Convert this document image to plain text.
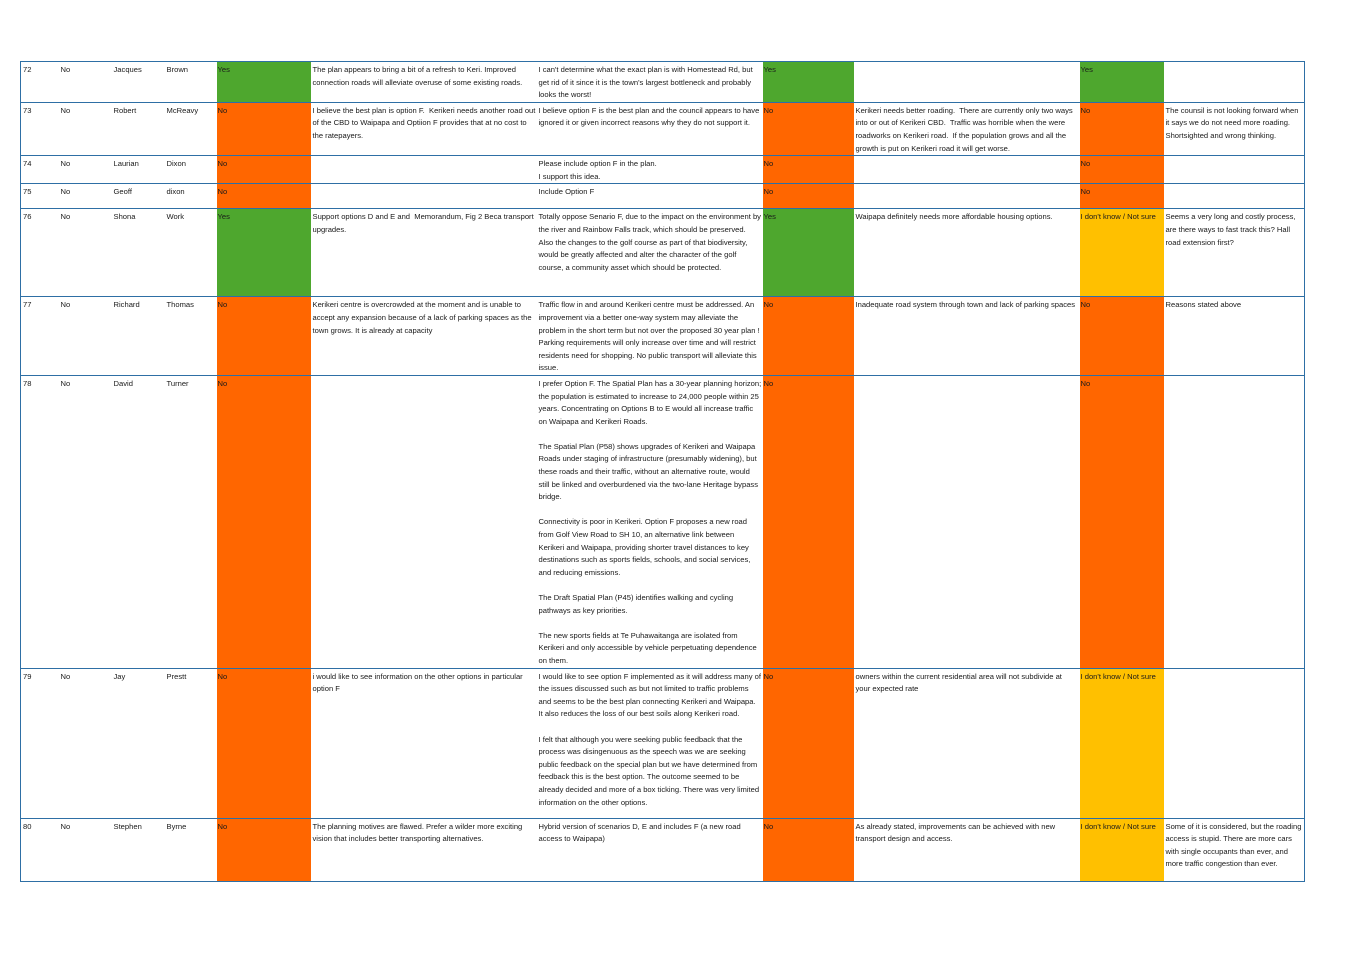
72	No	Jacques	Brown	Yes	The plan appears to bring a bit of a refresh to Keri. Improved connection roads will alleviate overuse of some existing roads.	I can't determine what the exact plan is with Homestead Rd, but get rid of it since it is the town's largest bottleneck and probably looks the worst!	Yes		Yes	
73	No	Robert	McReavy	No	I believe the best plan is option F.  Kerikeri needs another road out of the CBD to Waipapa and Optiion F provides that at no cost to the ratepayers.	I believe option F is the best plan and the council appears to have ignored it or given incorrect reasons why they do not support it.	No	Kerikeri needs better roading.  There are currently only two ways into or out of Kerikeri CBD.  Traffic was horrible when the were roadworks on Kerikeri road.  If the population grows and all the growth is put on Kerikeri road it will get worse.	No	The counsil is not looking forward when it says we do not need more roading.  Shortsighted and wrong thinking.
74	No	Laurian	Dixon	No		Please include option F in the plan.
I support this idea.	No		No	
75	No	Geoff	dixon	No		Include Option F	No		No	
76	No	Shona	Work	Yes	Support options D and E and  Memorandum, Fig 2 Beca transport upgrades.	Totally oppose Senario F, due to the impact on the environment by the river and Rainbow Falls track, which should be preserved.
Also the changes to the golf course as part of that biodiversity, would be greatly affected and alter the character of the golf course, a community asset which should be protected.	Yes	Waipapa definitely needs more affordable housing options.	I don't know / Not sure	Seems a very long and costly process, are there ways to fast track this? Hall road extension first?
77	No	Richard	Thomas	No	Kerikeri centre is overcrowded at the moment and is unable to accept any expansion because of a lack of parking spaces as the town grows. It is already at capacity	Traffic flow in and around Kerikeri centre must be addressed. An improvement via a better one-way system may alleviate the problem in the short term but not over the proposed 30 year plan ! Parking requirements will only increase over time and will restrict residents need for shopping. No public transport will alleviate this issue.	No	Inadequate road system through town and lack of parking spaces	No	Reasons stated above
78	No	David	Turner	No		I prefer Option F. The Spatial Plan has a 30-year planning horizon; the population is estimated to increase to 24,000 people within 25 years. Concentrating on Options B to E would all increase traffic on Waipapa and Kerikeri Roads.

The Spatial Plan (P58) shows upgrades of Kerikeri and Waipapa Roads under staging of infrastructure (presumably widening), but these roads and their traffic, without an alternative route, would still be linked and overburdened via the two-lane Heritage bypass bridge.

Connectivity is poor in Kerikeri. Option F proposes a new road from Golf View Road to SH 10, an alternative link between Kerikeri and Waipapa, providing shorter travel distances to key destinations such as sports fields, schools, and social services, and reducing emissions.

The Draft Spatial Plan (P45) identifies walking and cycling pathways as key priorities.

The new sports fields at Te Puhawaitanga are isolated from Kerikeri and only accessible by vehicle perpetuating dependence on them.	No		No	
79	No	Jay	Prestt	No	i would like to see information on the other options in particular option F	I would like to see option F implemented as it will address many of the issues discussed such as but not limited to traffic problems and seems to be the best plan connecting Kerikeri and Waipapa. It also reduces the loss of our best soils along Kerikeri road.

I felt that although you were seeking public feedback that the process was disingenuous as the speech was we are seeking public feedback on the special plan but we have determined from feedback this is the best option. The outcome seemed to be already decided and more of a box ticking. There was very limited information on the other options.	No	owners within the current residential area will not subdivide at your expected rate	I don't know / Not sure	
80	No	Stephen	Byrne	No	The planning motives are flawed. Prefer a wilder more exciting vision that includes better transporting alternatives.	Hybrid version of scenarios D, E and includes F (a new road access to Waipapa)	No	As already stated, improvements can be achieved with new transport design and access.	I don't know / Not sure	Some of it is considered, but the roading access is stupid. There are more cars with single occupants than ever, and more traffic congestion than ever.
